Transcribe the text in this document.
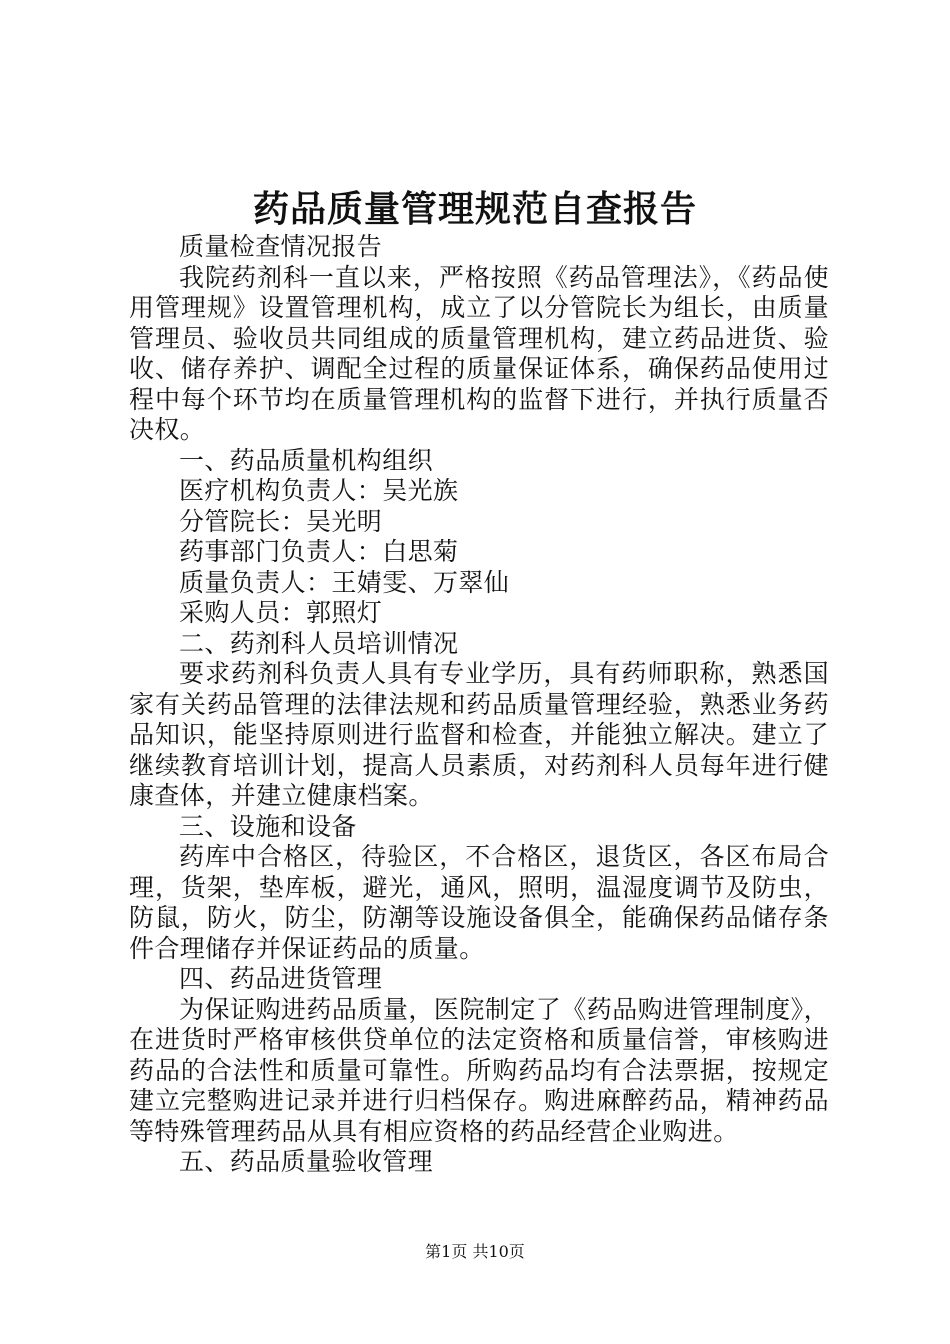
药品质量管理规范自查报告

质量检查情况报告

我院药剂科一直以来，严格按照《药品管理法》，《药品使用管理规》设置管理机构，成立了以分管院长为组长，由质量管理员、验收员共同组成的质量管理机构，建立药品进货、验收、储存养护、调配全过程的质量保证体系，确保药品使用过程中每个环节均在质量管理机构的监督下进行，并执行质量否决权。

一、药品质量机构组织

医疗机构负责人：吴光族

分管院长：吴光明

药事部门负责人：白思菊

质量负责人：王婧雯、万翠仙

采购人员：郭照灯

二、药剂科人员培训情况

要求药剂科负责人具有专业学历，具有药师职称，熟悉国家有关药品管理的法律法规和药品质量管理经验，熟悉业务药品知识，能坚持原则进行监督和检查，并能独立解决。建立了继续教育培训计划，提高人员素质，对药剂科人员每年进行健康查体，并建立健康档案。

三、设施和设备

药库中合格区，待验区，不合格区，退货区，各区布局合理，货架，垫库板，避光，通风，照明，温湿度调节及防虫，防鼠，防火，防尘，防潮等设施设备俱全，能确保药品储存条件合理储存并保证药品的质量。

四、药品进货管理

为保证购进药品质量，医院制定了《药品购进管理制度》，在进货时严格审核供贷单位的法定资格和质量信誉，审核购进药品的合法性和质量可靠性。所购药品均有合法票据，按规定建立完整购进记录并进行归档保存。购进麻醉药品，精神药品等特殊管理药品从具有相应资格的药品经营企业购进。

五、药品质量验收管理

第1页 共10页
